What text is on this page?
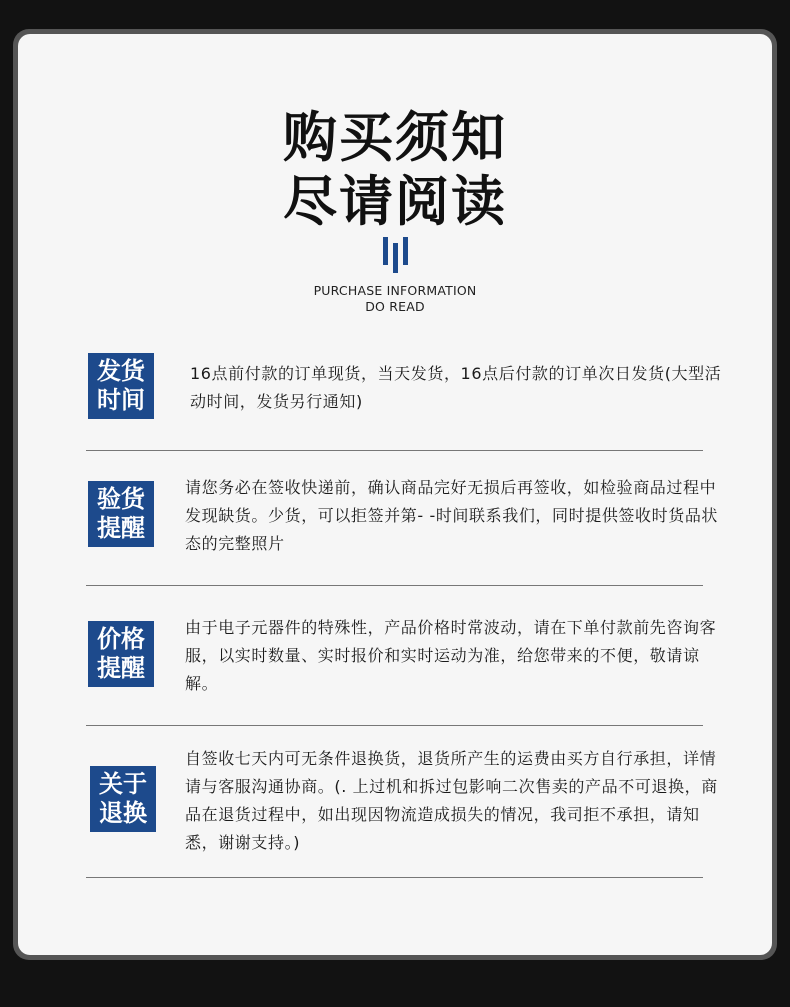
购买须知
尽请阅读
PURCHASE INFORMATION
DO READ
发货
时间
16点前付款的订单现货，当天发货，16点后付款的订单次日发货(大型活动时间，发货另行通知)
验货
提醒
请您务必在签收快递前，确认商品完好无损后再签收，如检验商品过程中发现缺货。少货，可以拒签并第- -时间联系我们，同时提供签收时货品状态的完整照片
价格
提醒
由于电子元器件的特殊性，产品价格时常波动，请在下单付款前先咨询客服，以实时数量、实时报价和实时运动为准，给您带来的不便，敬请谅解。
关于
退换
自签收七天内可无条件退换货，退货所产生的运费由买方自行承担，详情请与客服沟通协商。(. 上过机和拆过包影响二次售卖的产品不可退换，商品在退货过程中，如出现因物流造成损失的情况，我司拒不承担，请知悉，谢谢支持。)
